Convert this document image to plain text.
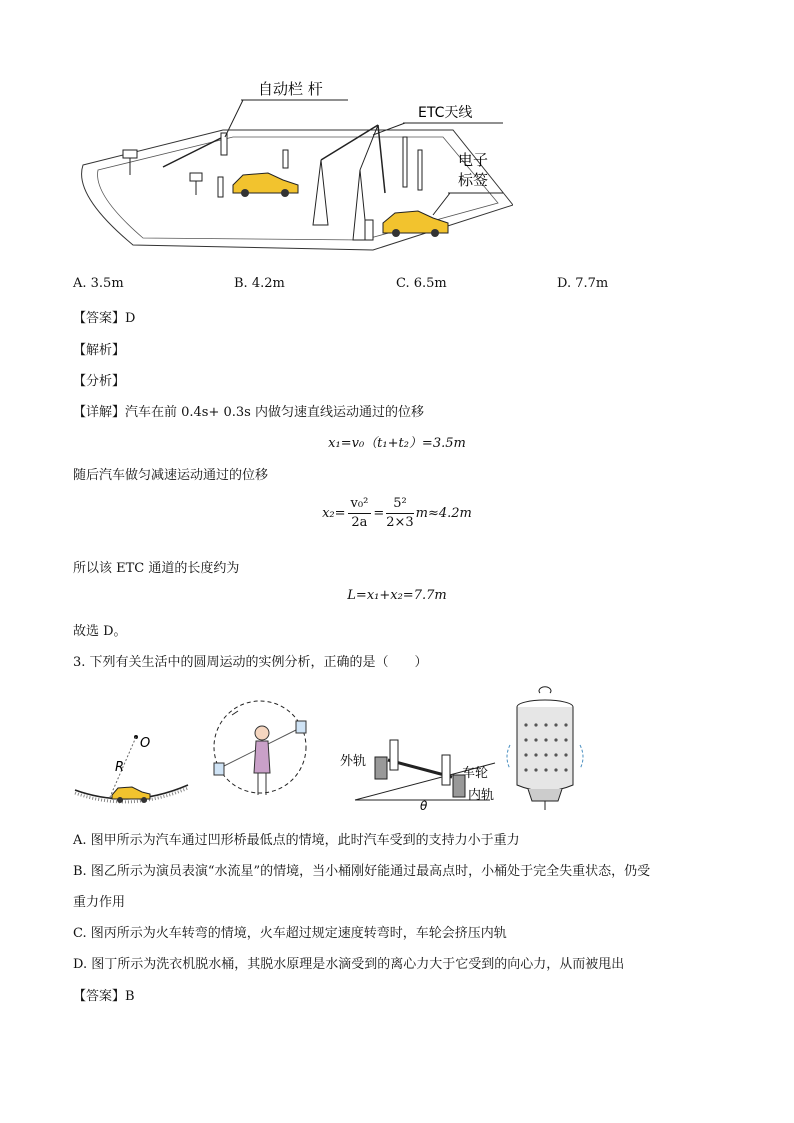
自动栏 杆
ETC天线
电子
标签
A. 3.5m	B. 4.2m	C. 6.5m	D. 7.7m
【答案】D
【解析】
【分析】
【详解】汽车在前 0.4s+ 0.3s 内做匀速直线运动通过的位移
x₁=v₀（t₁+t₂）=3.5m
随后汽车做匀减速运动通过的位移
$x_2= \frac{\text{v₀²}}{2a} = \frac{\text{5²}}{2\times 3} m\approx 4.2m$
所以该 ETC 通道的长度约为
L=x₁+x₂=7.7m
故选 D。
3. 下列有关生活中的圆周运动的实例分析，正确的是（　　）
O
R	外轨
车轮
内轨
θ
A. 图甲所示为汽车通过凹形桥最低点的情境，此时汽车受到的支持力小于重力
B. 图乙所示为演员表演“水流星”的情境，当小桶刚好能通过最高点时，小桶处于完全失重状态，仍受
重力作用
C. 图丙所示为火车转弯的情境，火车超过规定速度转弯时，车轮会挤压内轨
D. 图丁所示为洗衣机脱水桶，其脱水原理是水滴受到的离心力大于它受到的向心力，从而被甩出
【答案】B
